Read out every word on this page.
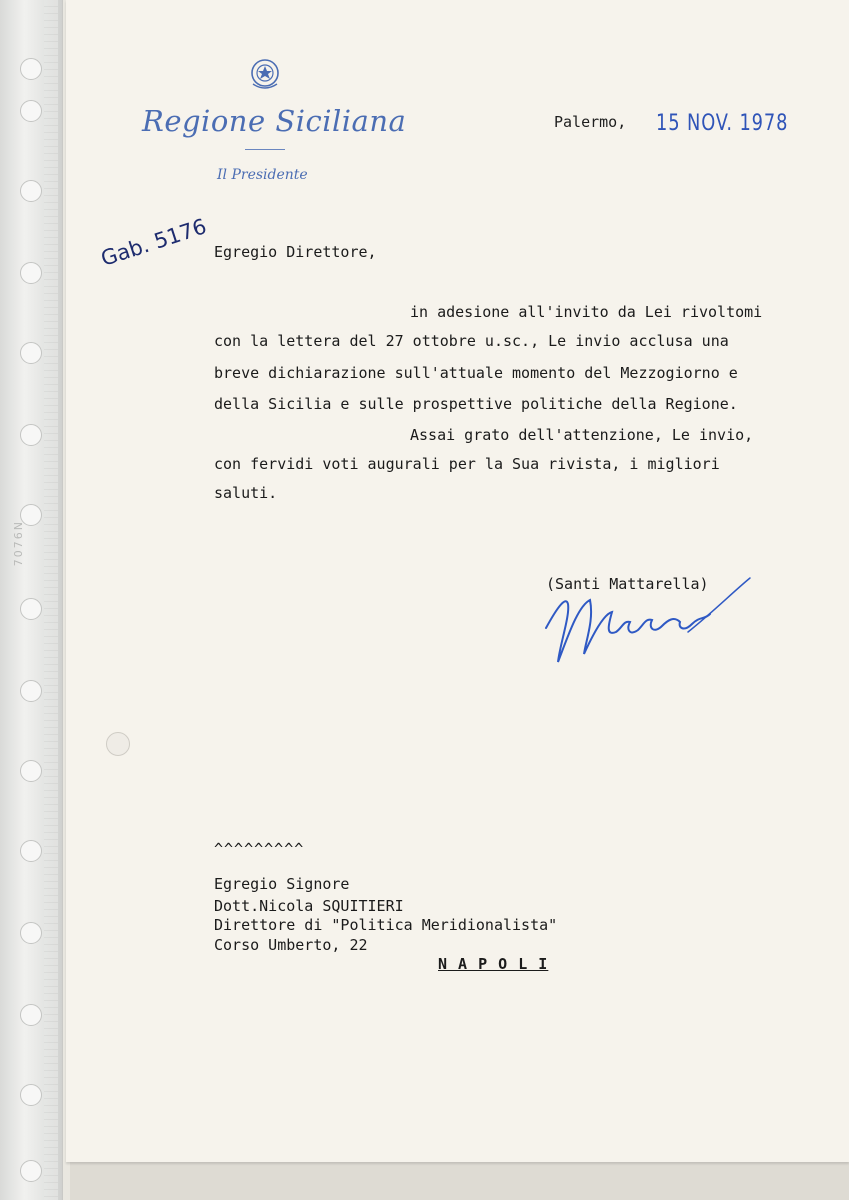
7076N
Regione Siciliana
Il Presidente
Palermo, 15 NOV. 1978
Gab. 5176 Egregio Direttore,
in adesione all'invito da Lei rivoltomi
con la lettera del 27 ottobre u.sc., Le invio acclusa una
breve dichiarazione sull'attuale momento del Mezzogiorno e
della Sicilia e sulle prospettive politiche della Regione.
Assai grato dell'attenzione, Le invio,
con fervidi voti augurali per la Sua rivista, i migliori
saluti.
(Santi Mattarella)
^^^^^^^^^
Egregio Signore
Dott.Nicola SQUITIERI
Direttore di "Politica Meridionalista"
Corso Umberto, 22
N A P O L I
